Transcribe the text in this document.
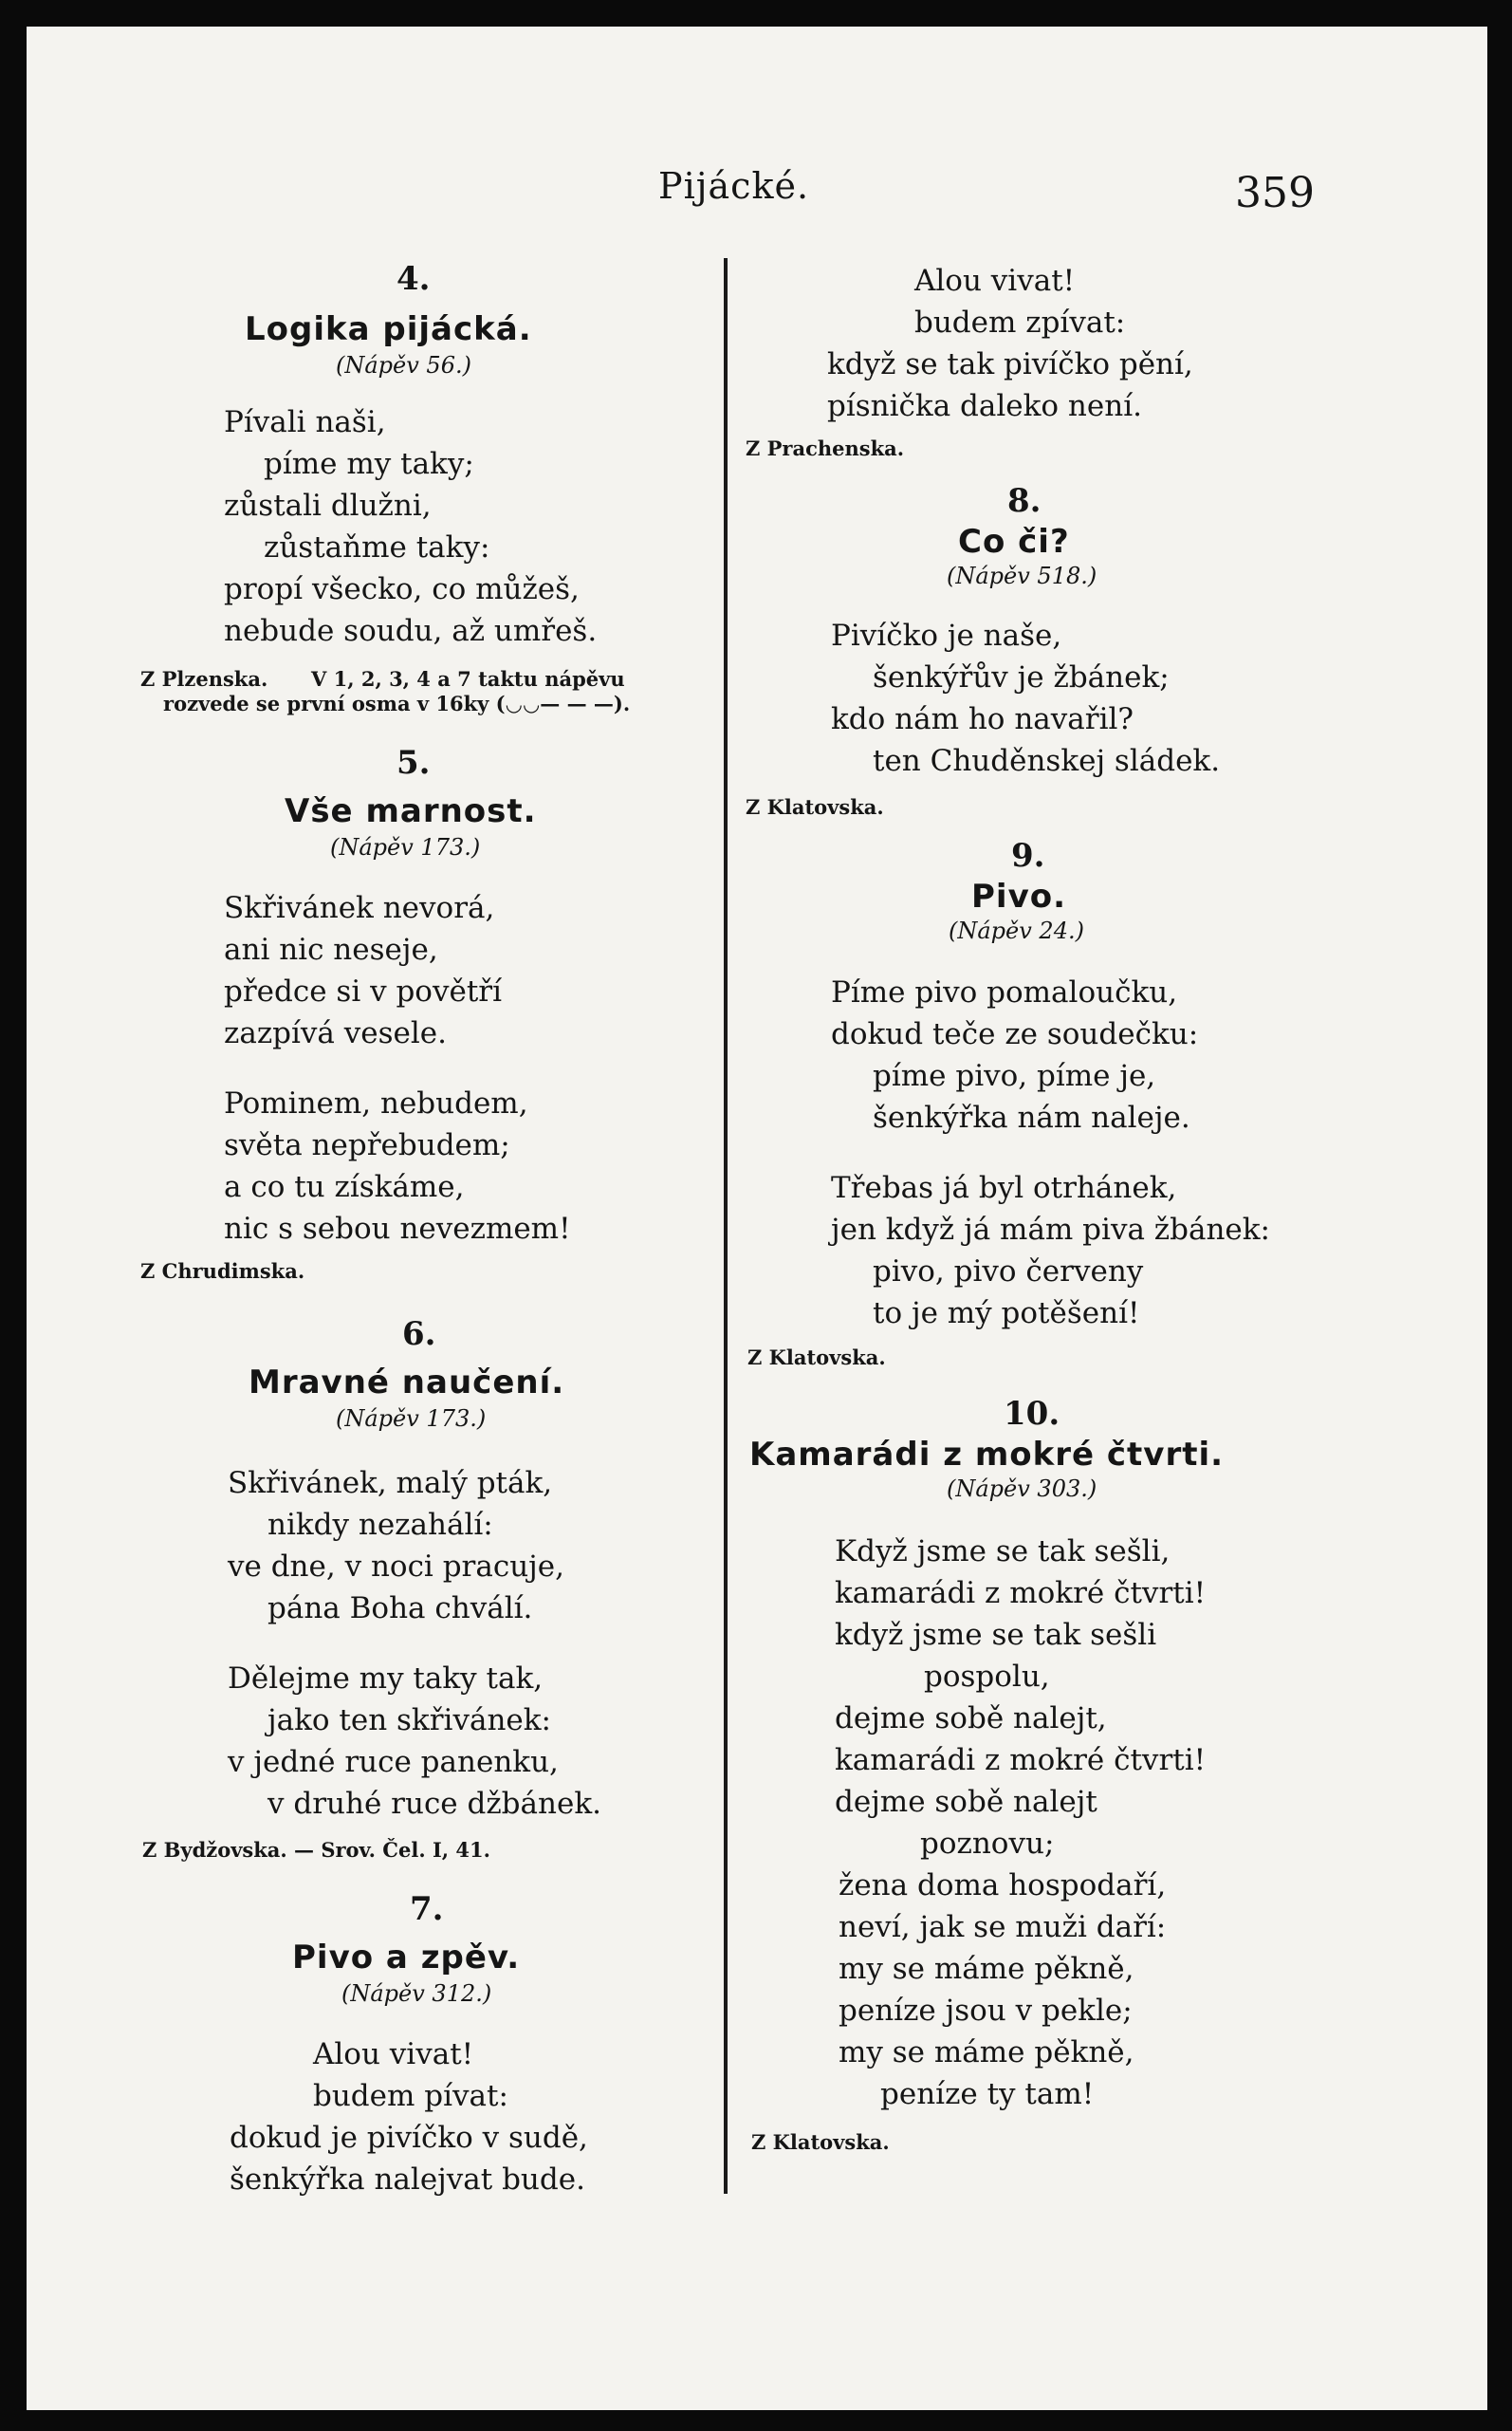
Pijácké.	359
4.
Logika pijácká.
(Nápěv 56.)
Pívali naši,
píme my taky;
zůstali dlužni,
zůstaňme taky:
propí všecko, co můžeš,
nebude soudu, až umřeš.
Z Plzenska. V 1, 2, 3, 4 a 7 taktu nápěvu
rozvede se první osma v 16ky (◡◡— — —).
5.
Vše marnost.
(Nápěv 173.)
Skřivánek nevorá,
ani nic neseje,
předce si v povětří
zazpívá vesele.
Pominem, nebudem,
světa nepřebudem;
a co tu získáme,
nic s sebou nevezmem!
Z Chrudimska.
6.
Mravné naučení.
(Nápěv 173.)
Skřivánek, malý pták,
nikdy nezahálí:
ve dne, v noci pracuje,
pána Boha chválí.
Dělejme my taky tak,
jako ten skřivánek:
v jedné ruce panenku,
v druhé ruce džbánek.
Z Bydžovska. — Srov. Čel. I, 41.
7.
Pivo a zpěv.
(Nápěv 312.)
Alou vivat!
budem pívat:
dokud je pivíčko v sudě,
šenkýřka nalejvat bude.
Alou vivat!
budem zpívat:
když se tak pivíčko pění,
písnička daleko není.
Z Prachenska.
8.
Co či?
(Nápěv 518.)
Pivíčko je naše,
šenkýřův je žbánek;
kdo nám ho navařil?
ten Chuděnskej sládek.
Z Klatovska.
9.
Pivo.
(Nápěv 24.)
Píme pivo pomaloučku,
dokud teče ze soudečku:
píme pivo, píme je,
šenkýřka nám naleje.
Třebas já byl otrhánek,
jen když já mám piva žbánek:
pivo, pivo červeny
to je mý potěšení!
Z Klatovska.
10.
Kamarádi z mokré čtvrti.
(Nápěv 303.)
Když jsme se tak sešli,
kamarádi z mokré čtvrti!
když jsme se tak sešli
pospolu,
dejme sobě nalejt,
kamarádi z mokré čtvrti!
dejme sobě nalejt
poznovu;
žena doma hospodaří,
neví, jak se muži daří:
my se máme pěkně,
peníze jsou v pekle;
my se máme pěkně,
peníze ty tam!
Z Klatovska.
